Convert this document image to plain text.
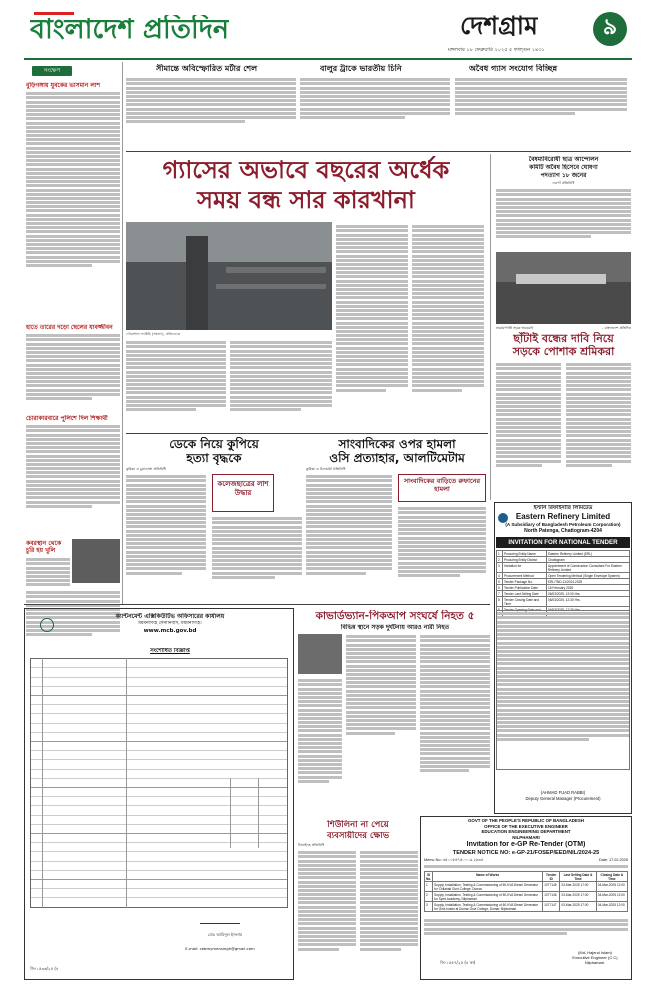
বাংলাদেশ প্রতিদিন	দেশগ্রাম	৯
মঙ্গলবার ১৮ ফেব্রুয়ারি ২০২৫ ৫ ফাল্গুন ১৪৩১
সংক্ষেপ
বুড়িগঙ্গায় যুবকের ভাসমান লাশ
হাতে তারের দড়ো ছেলের যাবজ্জীবন
চোরাকারবারে পুলিশে দিল শিক্ষার্থী
কবরস্থান থেকে চুরি হয় খুলি
সীমান্তে অবিস্ফোরিত মর্টার শেল	বালুর ট্রাকে ভারতীয় চিনি	অবৈধ গ্যাস সংযোগ বিচ্ছিন্ন
গ্যাসের অভাবে বছরের অর্ধেক
সময় বন্ধ সার কারখানা
গোরাশাল ফ্যাক্টরি (সংবাদ), প্রতিবেদক
বৈষম্যবিরোধী ছাত্র আন্দোলন
কমিটি অবৈধ হিসেবে ঘোষণা
পদত্যাগ ১৮ জনের
নওগাঁ প্রতিনিধি
নারায়ণগঞ্জ সড়ক অবরোধ	- বাংলাদেশ প্রতিদিন
ছাঁটাই বন্ধের দাবি নিয়ে
সড়কে পোশাক শ্রমিকরা
ডেকে নিয়ে কুপিয়ে
হত্যা বৃদ্ধকে
কুমিল্লা ও চুয়াডাঙ্গা প্রতিনিধি
কলেজছাত্রের লাশ উদ্ধার
সাংবাদিকের ওপর হামলা
ওসি প্রত্যাহার, আলটিমেটাম
কুমিল্লা ও চিলমারী প্রতিনিধি
সাংবাদিকের বাড়িতে রুফানের হামলা
ক্যান্টনমেন্ট এক্সিকিউটিভ অফিসারের কার্যালয়
ময়মনসিংহ সেনানিবাস, ময়মনসিংহ।
www.mcb.gov.bd
সংশোধিত বিজ্ঞপ্তি
মোঃ আমিনুল ইসলাম
E-mail: cebmymensingh@gmail.com
জি-১৫৩৬/২৫ (৪
কাভার্ডভ্যান-পিকআপ সংঘর্ষে নিহত ৫
বিভিন্ন স্থানে সড়ক দুর্ঘটনায় আরও নারী নিহত
শিউলিনা না পেয়ে
ব্যবসায়ীদের ক্ষোভ
ঝিনাইদহ প্রতিনিধি
ইস্টার্ন রিফাইনারি লিমিটেড
Eastern Refinery Limited
(A Subsidiary of Bangladesh Petroleum Corporation)
North Patenga, Chattogram-4204
INVITATION FOR NATIONAL TENDER
1	Procuring Entity Name	Eastern Refinery Limited (ERL)
2	Procuring Entity District	Chattogram
3	Invitation for	Appointment of Construction Consultant For Eastern Refinery Limited
4	Procurement Method	Open Tendering Method (Single Envelope System)
5	Tender Package No.	ERL/TND-11/2024-2025
6	Tender Publication Date	18 February 2025
7	Tender Last Selling Date	06/03/2025, 12:00 Hrs.
8	Tender Closing Date and Time	06/03/2025, 12:30 Hrs.
9	Tender Opening Date and	06/03/2025, 12:30 Hrs.
(AHMAD FUAD RABBI)
Deputy General Manager (Procurement)
GOVT OF THE PEOPLE'S REPUBLIC OF BANGLADESH
OFFICE OF THE EXECUTIVE ENGINEER
EDUCATION ENGINEERING DEPARTMENT
NILPHAMARI
Invitation for e-GP Re-Tender (OTM)
TENDER NOTICE NO: e-GP-21/FOSEP/EED/NIL/2024-25
Memo No: ৩৫০০৫৫৭৫০০০৯.২৬৩৫	Date: 17.02.2025
SI No.	Name of Works	Tender ID	Last Selling Date & Time	Closing Date & Time
1	Supply, Installation, Testing & Commissioning of 60-KVA Diesel Generator for Chilahati Govt College, Domar.	1077145	03-Mar-2025 17:00	04-Mar-2025 12:00
2	Supply, Installation, Testing & Commissioning of 50-KVA Diesel Generator for Syed Academy, Nilphamari.	1077146	03-Mar-2025 17:00	04-Mar-2025 12:00
3	Supply, Installation, Testing & Commissioning of 60-KVA Diesel Generator for Girls hostel at Domar Govt College, Domar, Nilphamari.	1077147	03-Mar-2025 17:00	04-Mar-2025 12:00
(Md. Hajerul Islam)
Executive Engineer (C.C)
Nilphamari.
জি-১৫৫৭/২৫ (৪ কা)
